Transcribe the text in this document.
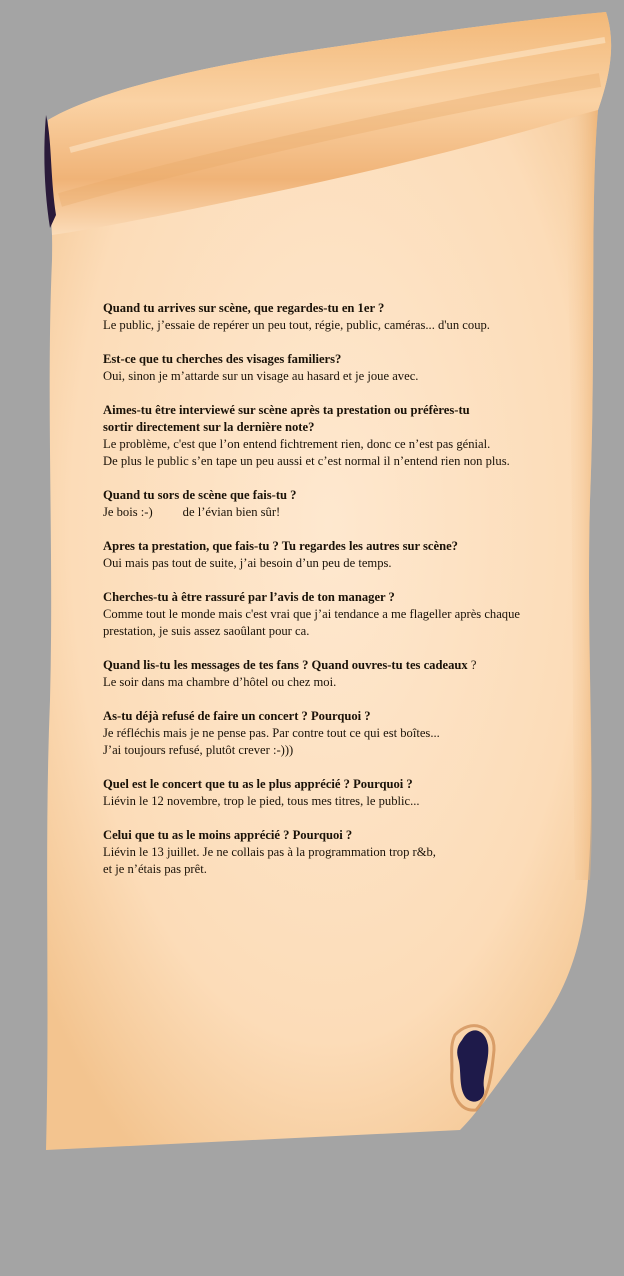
Quand tu arrives sur scène, que regardes-tu en 1er ?
Le public, j’essaie de repérer un peu tout, régie, public, caméras... d'un coup.
Est-ce que tu cherches des visages familiers?
Oui, sinon je m’attarde sur un visage au hasard et je joue avec.
Aimes-tu être interviewé sur scène après ta prestation ou préfères-tu
sortir directement sur la dernière note?
Le problème, c'est que l’on entend fichtrement rien, donc ce n’est pas génial.
De plus le public s’en tape un peu aussi et c’est normal il n’entend rien non plus.
Quand tu sors de scène que fais-tu ?
Je bois :-) de l’évian bien sûr!
Apres ta prestation, que fais-tu ? Tu regardes les autres sur scène?
Oui mais pas tout de suite, j’ai besoin d’un peu de temps.
Cherches-tu à être rassuré par l’avis de ton manager ?
Comme tout le monde mais c'est vrai que j’ai tendance a me flageller après chaque
prestation, je suis assez saoûlant pour ca.
Quand lis-tu les messages de tes fans ? Quand ouvres-tu tes cadeaux ?
Le soir dans ma chambre d’hôtel ou chez moi.
As-tu déjà refusé de faire un concert ? Pourquoi ?
Je réfléchis mais je ne pense pas. Par contre tout ce qui est boîtes...
J’ai toujours refusé, plutôt crever :-)))
Quel est le concert que tu as le plus apprécié ? Pourquoi ?
Liévin le 12 novembre, trop le pied, tous mes titres, le public...
Celui que tu as le moins apprécié ? Pourquoi ?
Liévin le 13 juillet. Je ne collais pas à la programmation trop r&b,
et je n’étais pas prêt.
